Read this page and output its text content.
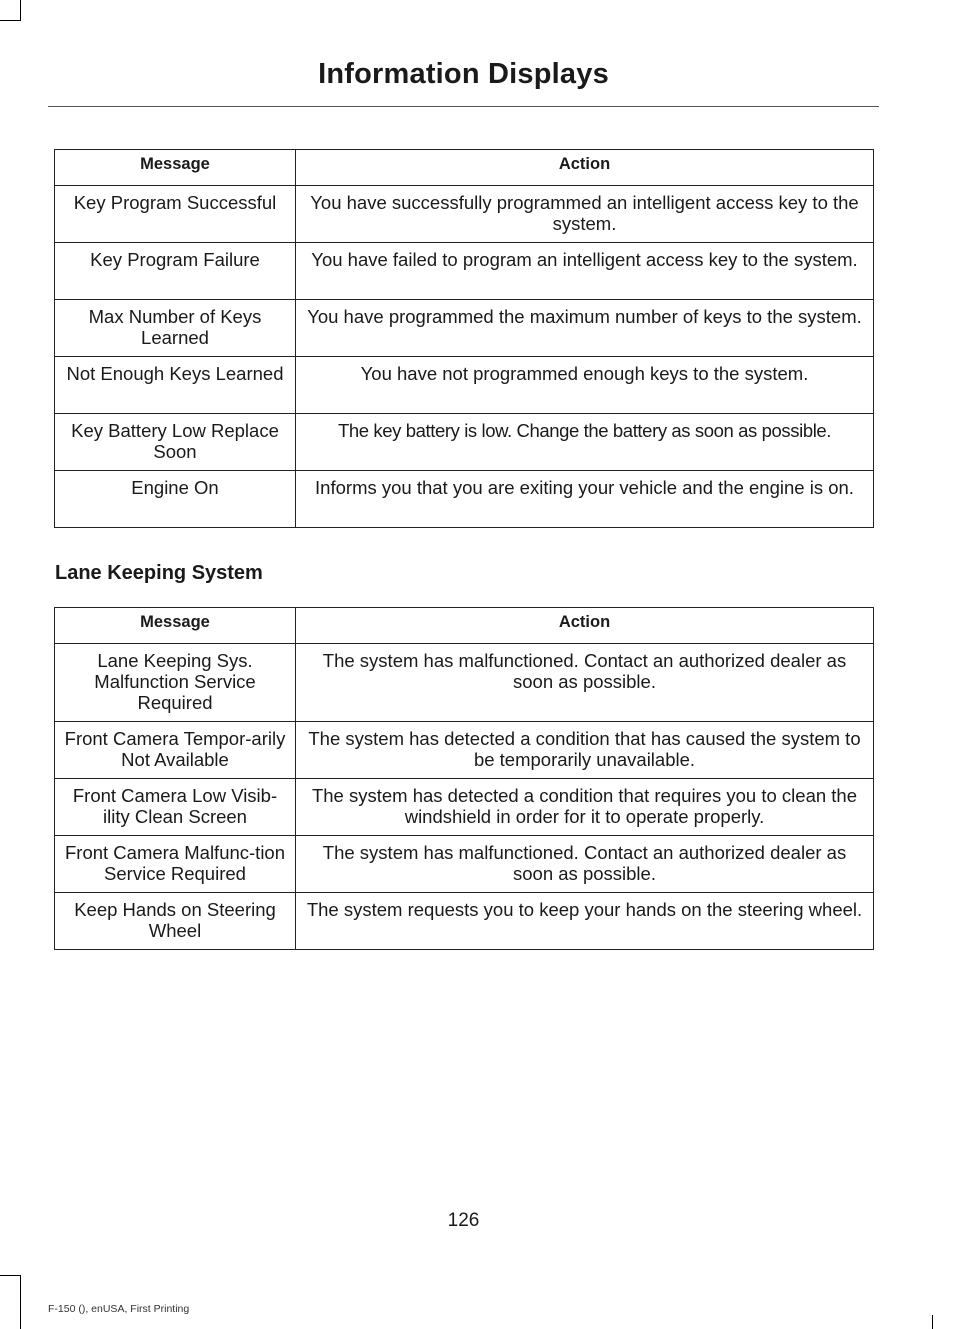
Information Displays
Message	Action
Key Program Successful	You have successfully programmed an intelligent access key to the system.
Key Program Failure	You have failed to program an intelligent access key to the system.
Max Number of Keys Learned	You have programmed the maximum number of keys to the system.
Not Enough Keys Learned	You have not programmed enough keys to the system.
Key Battery Low Replace Soon	The key battery is low. Change the battery as soon as possible.
Engine On	Informs you that you are exiting your vehicle and the engine is on.
Lane Keeping System
Message	Action
Lane Keeping Sys. Malfunction Service Required	The system has malfunctioned. Contact an authorized dealer as soon as possible.
Front Camera Tempor-arily Not Available	The system has detected a condition that has caused the system to be temporarily unavailable.
Front Camera Low Visib-ility Clean Screen	The system has detected a condition that requires you to clean the windshield in order for it to operate properly.
Front Camera Malfunc-tion Service Required	The system has malfunctioned. Contact an authorized dealer as soon as possible.
Keep Hands on Steering Wheel	The system requests you to keep your hands on the steering wheel.
126
F-150 (), enUSA, First Printing
